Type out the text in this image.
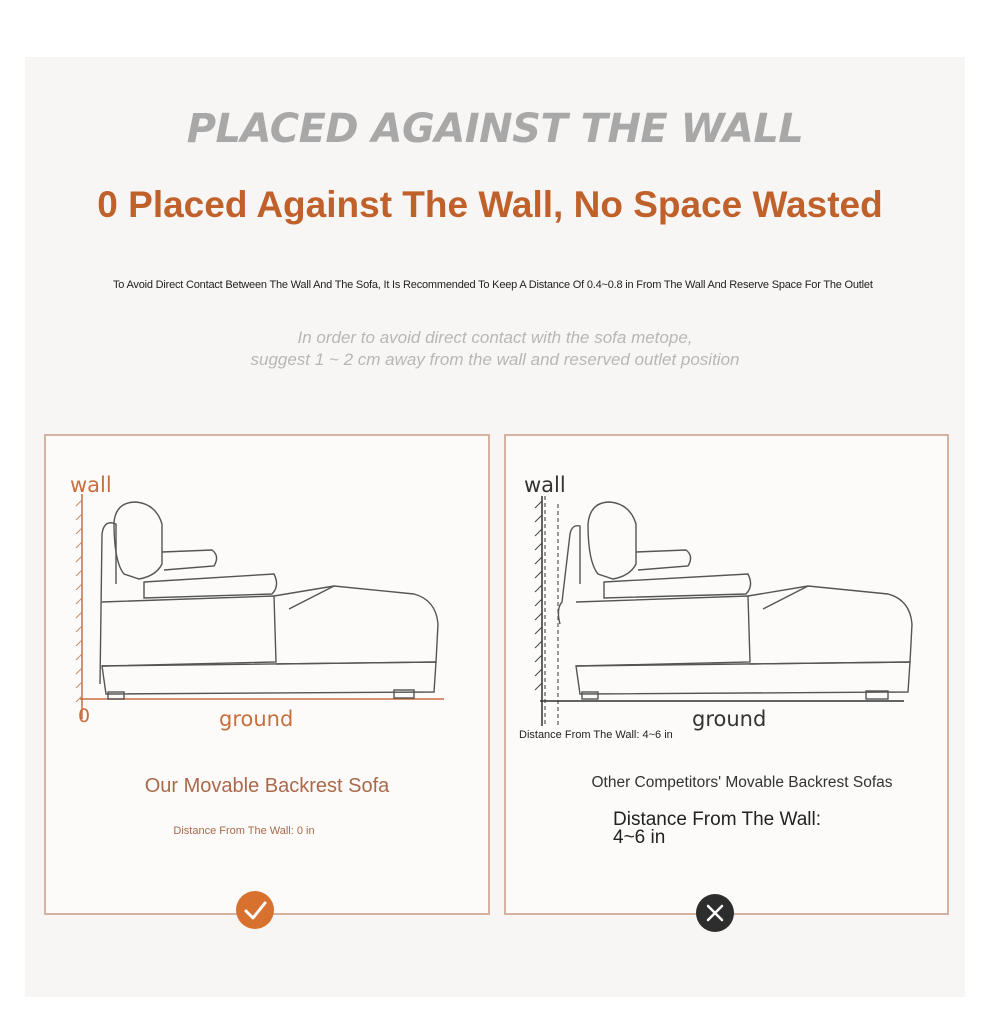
PLACED AGAINST THE WALL
0 Placed Against The Wall, No Space Wasted
To Avoid Direct Contact Between The Wall And The Sofa, It Is Recommended To Keep A Distance Of 0.4~0.8 in From The Wall And Reserve Space For The Outlet
In order to avoid direct contact with the sofa metope,
suggest 1 ~ 2 cm away from the wall and reserved outlet position
wall
0	ground
Our Movable Backrest Sofa
Distance From The Wall: 0 in
wall
ground
Distance From The Wall: 4~6 in
Other Competitors' Movable Backrest Sofas
Distance From The Wall: 4~6 in
